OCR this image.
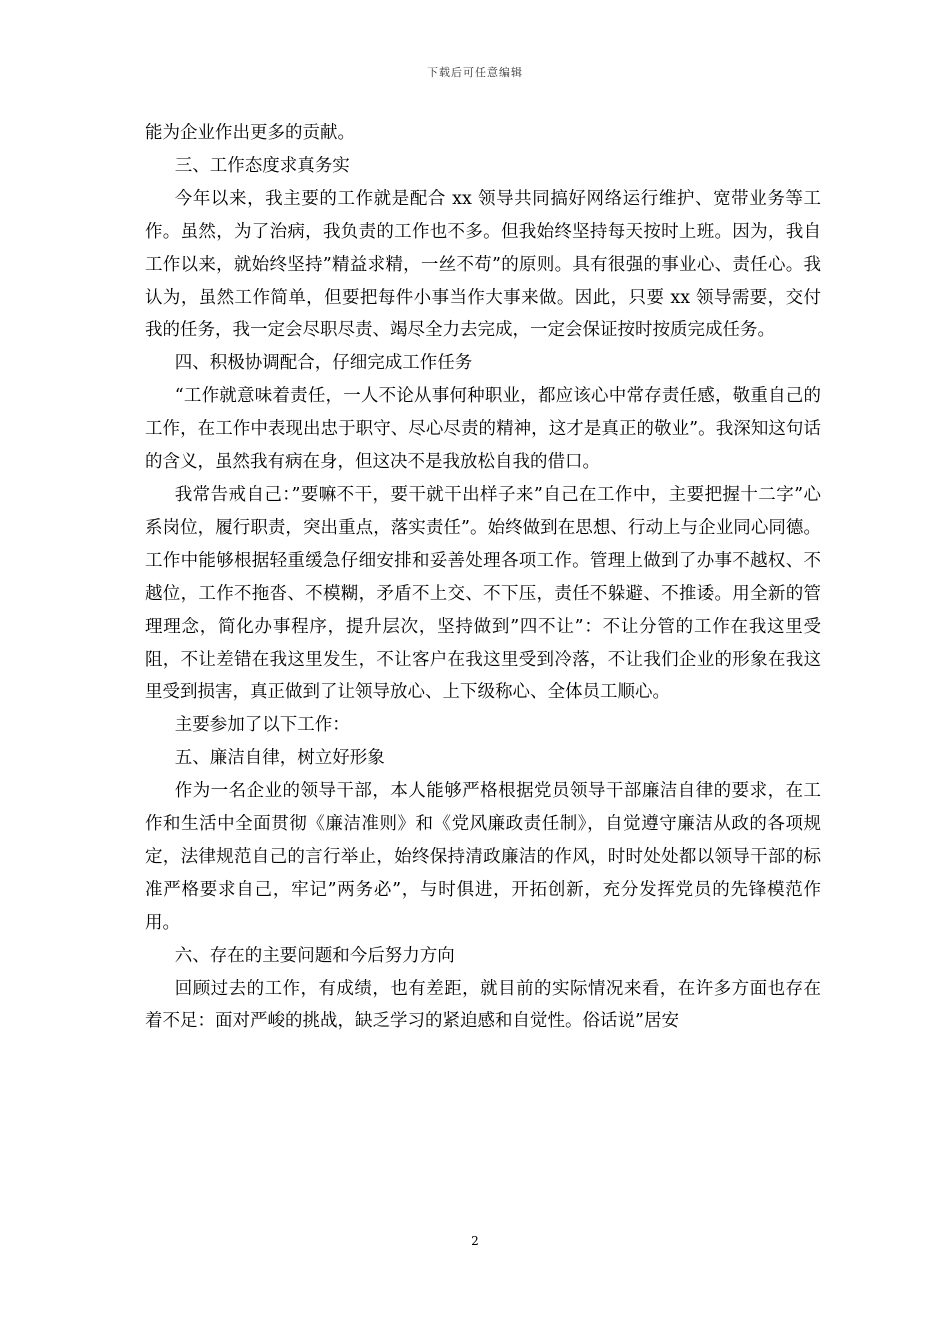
下载后可任意编辑

能为企业作出更多的贡献。

三、工作态度求真务实

今年以来，我主要的工作就是配合 xx 领导共同搞好网络运行维护、宽带业务等工作。虽然，为了治病，我负责的工作也不多。但我始终坚持每天按时上班。因为，我自工作以来，就始终坚持”精益求精，一丝不苟”的原则。具有很强的事业心、责任心。我认为，虽然工作简单，但要把每件小事当作大事来做。因此，只要 xx 领导需要，交付我的任务，我一定会尽职尽责、竭尽全力去完成，一定会保证按时按质完成任务。

四、积极协调配合，仔细完成工作任务

“工作就意味着责任，一人不论从事何种职业，都应该心中常存责任感，敬重自己的工作，在工作中表现出忠于职守、尽心尽责的精神，这才是真正的敬业”。我深知这句话的含义，虽然我有病在身，但这决不是我放松自我的借口。

我常告戒自己：”要嘛不干，要干就干出样子来”自己在工作中，主要把握十二字”心系岗位，履行职责，突出重点，落实责任”。始终做到在思想、行动上与企业同心同德。工作中能够根据轻重缓急仔细安排和妥善处理各项工作。管理上做到了办事不越权、不越位，工作不拖沓、不模糊，矛盾不上交、不下压，责任不躲避、不推诿。用全新的管理理念，简化办事程序，提升层次，坚持做到”四不让”：不让分管的工作在我这里受阻，不让差错在我这里发生，不让客户在我这里受到冷落，不让我们企业的形象在我这里受到损害，真正做到了让领导放心、上下级称心、全体员工顺心。

主要参加了以下工作：

五、廉洁自律，树立好形象

作为一名企业的领导干部，本人能够严格根据党员领导干部廉洁自律的要求，在工作和生活中全面贯彻《廉洁准则》和《党风廉政责任制》，自觉遵守廉洁从政的各项规定，法律规范自己的言行举止，始终保持清政廉洁的作风，时时处处都以领导干部的标准严格要求自己，牢记”两务必”，与时俱进，开拓创新，充分发挥党员的先锋模范作用。

六、存在的主要问题和今后努力方向

回顾过去的工作，有成绩，也有差距，就目前的实际情况来看，在许多方面也存在着不足：面对严峻的挑战，缺乏学习的紧迫感和自觉性。俗话说”居安

2
